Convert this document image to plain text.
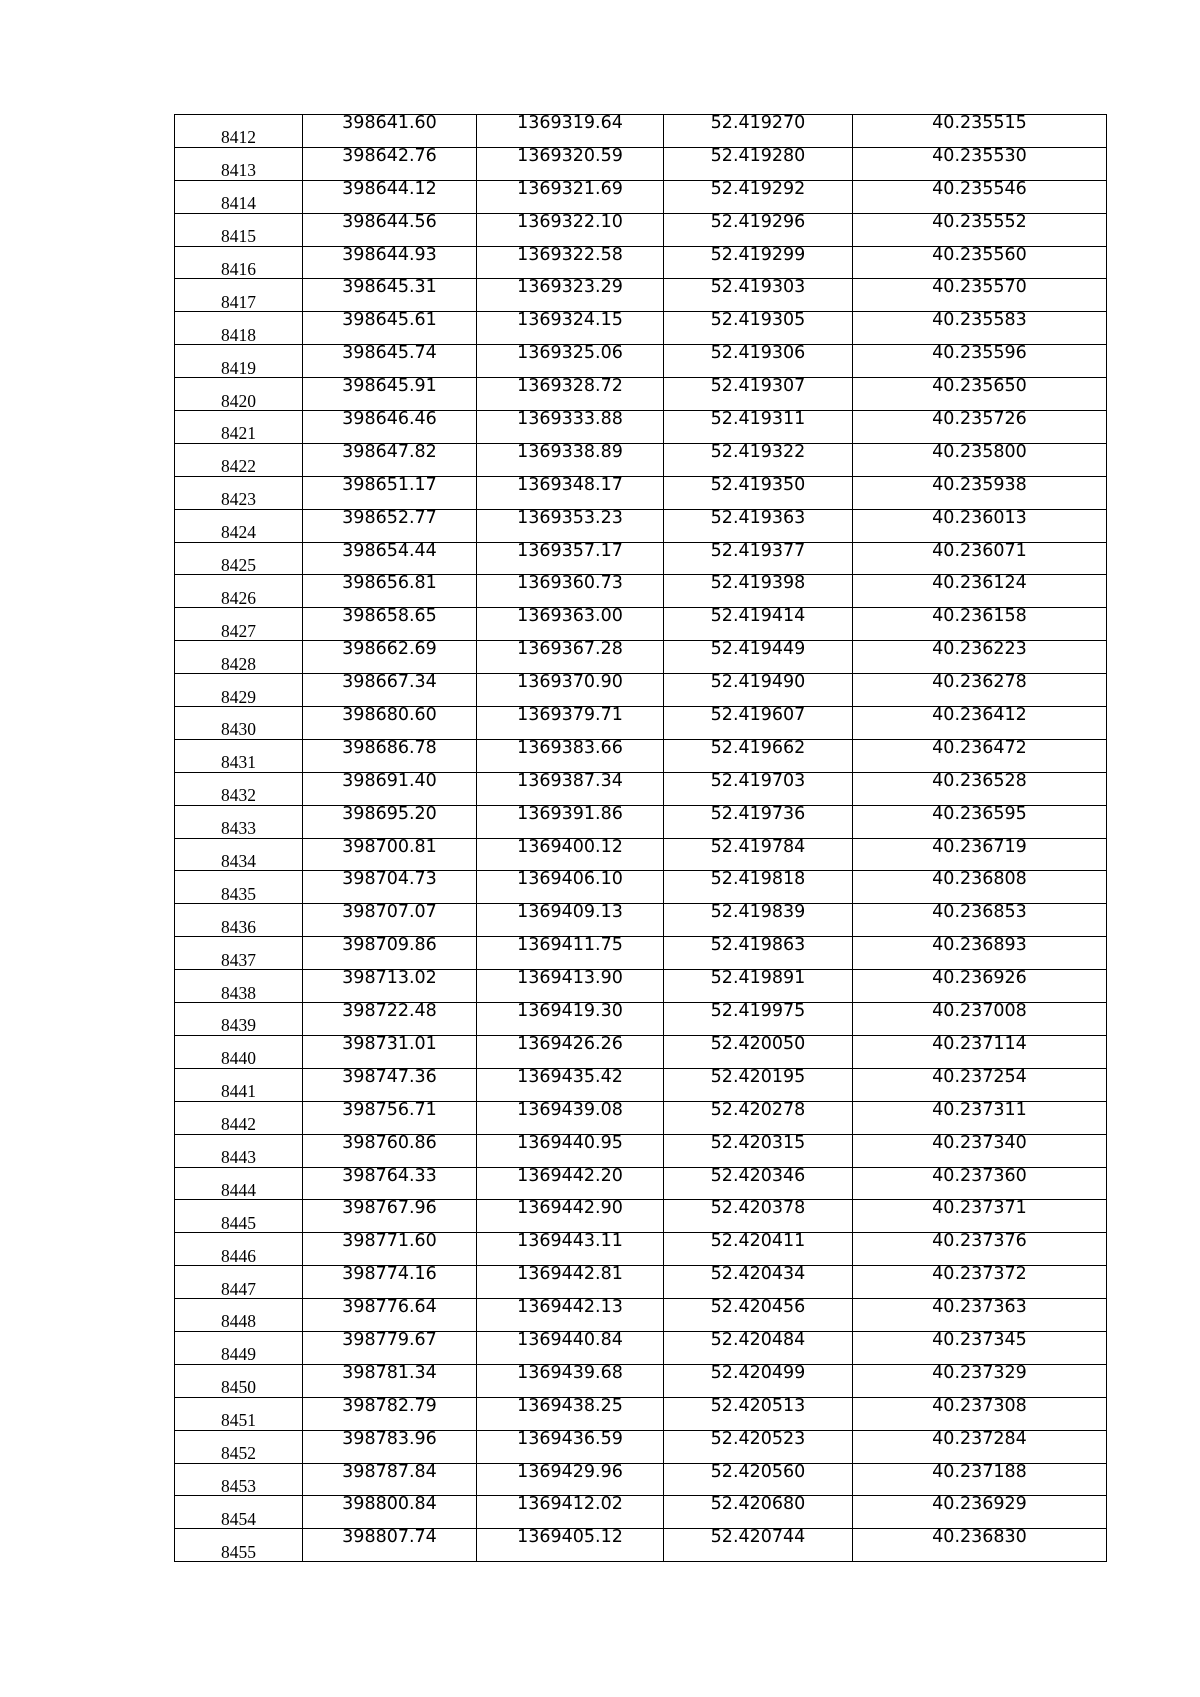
8412	398641.60	1369319.64	52.419270	40.235515
8413	398642.76	1369320.59	52.419280	40.235530
8414	398644.12	1369321.69	52.419292	40.235546
8415	398644.56	1369322.10	52.419296	40.235552
8416	398644.93	1369322.58	52.419299	40.235560
8417	398645.31	1369323.29	52.419303	40.235570
8418	398645.61	1369324.15	52.419305	40.235583
8419	398645.74	1369325.06	52.419306	40.235596
8420	398645.91	1369328.72	52.419307	40.235650
8421	398646.46	1369333.88	52.419311	40.235726
8422	398647.82	1369338.89	52.419322	40.235800
8423	398651.17	1369348.17	52.419350	40.235938
8424	398652.77	1369353.23	52.419363	40.236013
8425	398654.44	1369357.17	52.419377	40.236071
8426	398656.81	1369360.73	52.419398	40.236124
8427	398658.65	1369363.00	52.419414	40.236158
8428	398662.69	1369367.28	52.419449	40.236223
8429	398667.34	1369370.90	52.419490	40.236278
8430	398680.60	1369379.71	52.419607	40.236412
8431	398686.78	1369383.66	52.419662	40.236472
8432	398691.40	1369387.34	52.419703	40.236528
8433	398695.20	1369391.86	52.419736	40.236595
8434	398700.81	1369400.12	52.419784	40.236719
8435	398704.73	1369406.10	52.419818	40.236808
8436	398707.07	1369409.13	52.419839	40.236853
8437	398709.86	1369411.75	52.419863	40.236893
8438	398713.02	1369413.90	52.419891	40.236926
8439	398722.48	1369419.30	52.419975	40.237008
8440	398731.01	1369426.26	52.420050	40.237114
8441	398747.36	1369435.42	52.420195	40.237254
8442	398756.71	1369439.08	52.420278	40.237311
8443	398760.86	1369440.95	52.420315	40.237340
8444	398764.33	1369442.20	52.420346	40.237360
8445	398767.96	1369442.90	52.420378	40.237371
8446	398771.60	1369443.11	52.420411	40.237376
8447	398774.16	1369442.81	52.420434	40.237372
8448	398776.64	1369442.13	52.420456	40.237363
8449	398779.67	1369440.84	52.420484	40.237345
8450	398781.34	1369439.68	52.420499	40.237329
8451	398782.79	1369438.25	52.420513	40.237308
8452	398783.96	1369436.59	52.420523	40.237284
8453	398787.84	1369429.96	52.420560	40.237188
8454	398800.84	1369412.02	52.420680	40.236929
8455	398807.74	1369405.12	52.420744	40.236830
